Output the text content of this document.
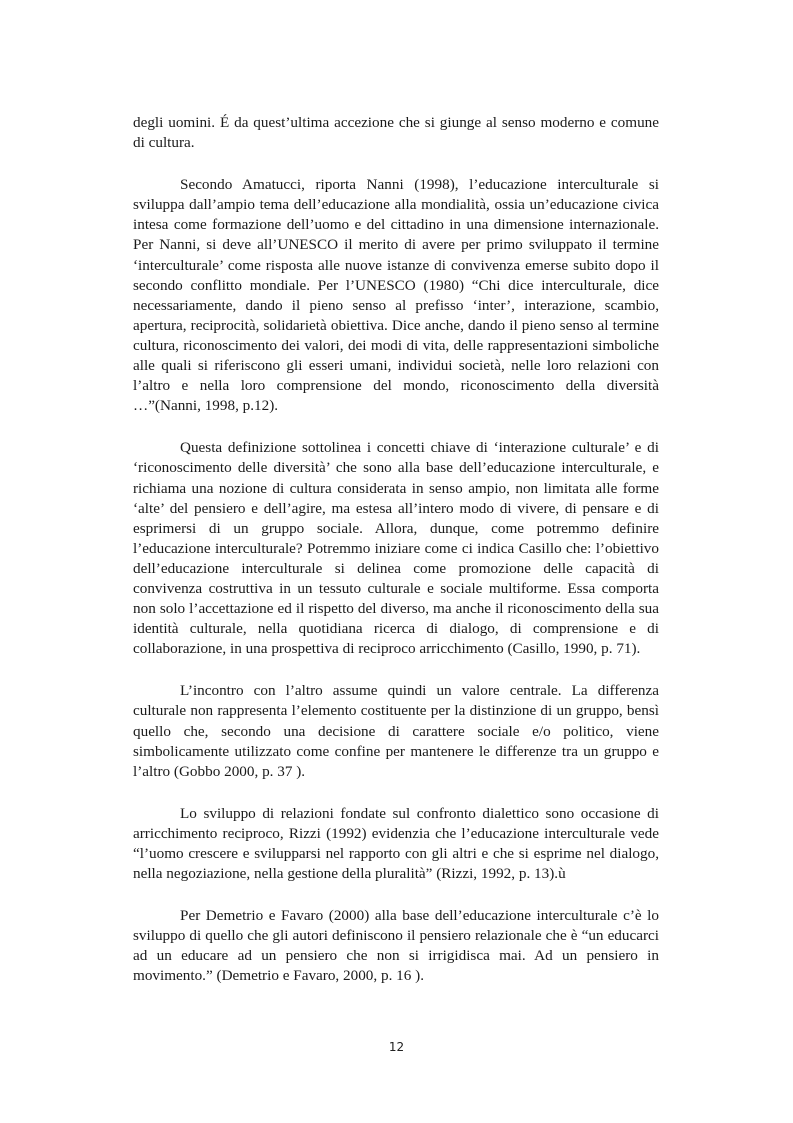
degli uomini. É da quest’ultima accezione che si giunge al senso moderno e comune di cultura.

Secondo Amatucci, riporta Nanni (1998), l’educazione interculturale si sviluppa dall’ampio tema dell’educazione alla mondialità, ossia un’educazione civica intesa come formazione dell’uomo e del cittadino in una dimensione internazionale. Per Nanni, si deve all’UNESCO il merito di avere per primo sviluppato il termine ‘interculturale’ come risposta alle nuove istanze di convivenza emerse subito dopo il secondo conflitto mondiale. Per l’UNESCO (1980) “Chi dice interculturale, dice necessariamente, dando il pieno senso al prefisso ‘inter’, interazione, scambio, apertura, reciprocità, solidarietà obiettiva. Dice anche, dando il pieno senso al termine cultura, riconoscimento dei valori, dei modi di vita, delle rappresentazioni simboliche alle quali si riferiscono gli esseri umani, individui società, nelle loro relazioni con l’altro e nella loro comprensione del mondo, riconoscimento della diversità …”(Nanni, 1998, p.12).

Questa definizione sottolinea i concetti chiave di ‘interazione culturale’ e di ‘riconoscimento delle diversità’ che sono alla base dell’educazione interculturale, e richiama una nozione di cultura considerata in senso ampio, non limitata alle forme ‘alte’ del pensiero e dell’agire, ma estesa all’intero modo di vivere, di pensare e di esprimersi di un gruppo sociale. Allora, dunque, come potremmo definire l’educazione interculturale? Potremmo iniziare come ci indica Casillo che: l’obiettivo dell’educazione interculturale si delinea come promozione delle capacità di convivenza costruttiva in un tessuto culturale e sociale multiforme. Essa comporta non solo l’accettazione ed il rispetto del diverso, ma anche il riconoscimento della sua identità culturale, nella quotidiana ricerca di dialogo, di comprensione e di collaborazione, in una prospettiva di reciproco arricchimento (Casillo, 1990, p. 71).

L’incontro con l’altro assume quindi un valore centrale. La differenza culturale non rappresenta l’elemento costituente per la distinzione di un gruppo, bensì quello che, secondo una decisione di carattere sociale e/o politico, viene simbolicamente utilizzato come confine per mantenere le differenze tra un gruppo e l’altro (Gobbo 2000, p. 37 ).

Lo sviluppo di relazioni fondate sul confronto dialettico sono occasione di arricchimento reciproco, Rizzi (1992) evidenzia che l’educazione interculturale vede “l’uomo crescere e svilupparsi nel rapporto con gli altri e che si esprime nel dialogo, nella negoziazione, nella gestione della pluralità” (Rizzi, 1992, p. 13).ù

Per Demetrio e Favaro (2000) alla base dell’educazione interculturale c’è lo sviluppo di quello che gli autori definiscono il pensiero relazionale che è “un educarci ad un educare ad un pensiero che non si irrigidisca mai. Ad un pensiero in movimento.” (Demetrio e Favaro, 2000, p. 16 ).

12
